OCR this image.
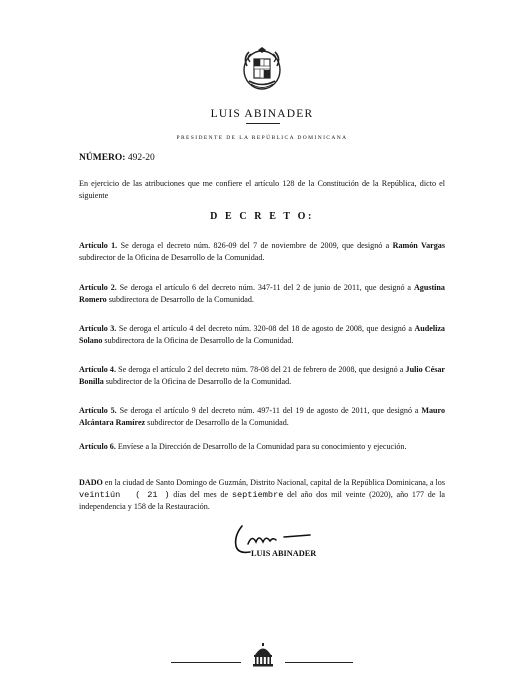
LUIS ABINADER
PRESIDENTE DE LA REPÚBLICA DOMINICANA
NÚMERO: 492-20
En ejercicio de las atribuciones que me confiere el artículo 128 de la Constitución de la República, dicto el siguiente
D E C R E T O:
Artículo 1. Se deroga el decreto núm. 826-09 del 7 de noviembre de 2009, que designó a Ramón Vargas subdirector de la Oficina de Desarrollo de la Comunidad.
Artículo 2. Se deroga el artículo 6 del decreto núm. 347-11 del 2 de junio de 2011, que designó a Agustina Romero subdirectora de Desarrollo de la Comunidad.
Artículo 3. Se deroga el artículo 4 del decreto núm. 320-08 del 18 de agosto de 2008, que designó a Audeliza Solano subdirectora de la Oficina de Desarrollo de la Comunidad.
Artículo 4. Se deroga el artículo 2 del decreto núm. 78-08 del 21 de febrero de 2008, que designó a Julio César Bonilla subdirector de la Oficina de Desarrollo de la Comunidad.
Artículo 5. Se deroga el artículo 9 del decreto núm. 497-11 del 19 de agosto de 2011, que designó a Mauro Alcántara Ramírez subdirector de Desarrollo de la Comunidad.
Artículo 6. Envíese a la Dirección de Desarrollo de la Comunidad para su conocimiento y ejecución.
DADO en la ciudad de Santo Domingo de Guzmán, Distrito Nacional, capital de la República Dominicana, a los veintiún ( 21 ) días del mes de septiembre del año dos mil veinte (2020), año 177 de la independencia y 158 de la Restauración.
LUIS ABINADER
